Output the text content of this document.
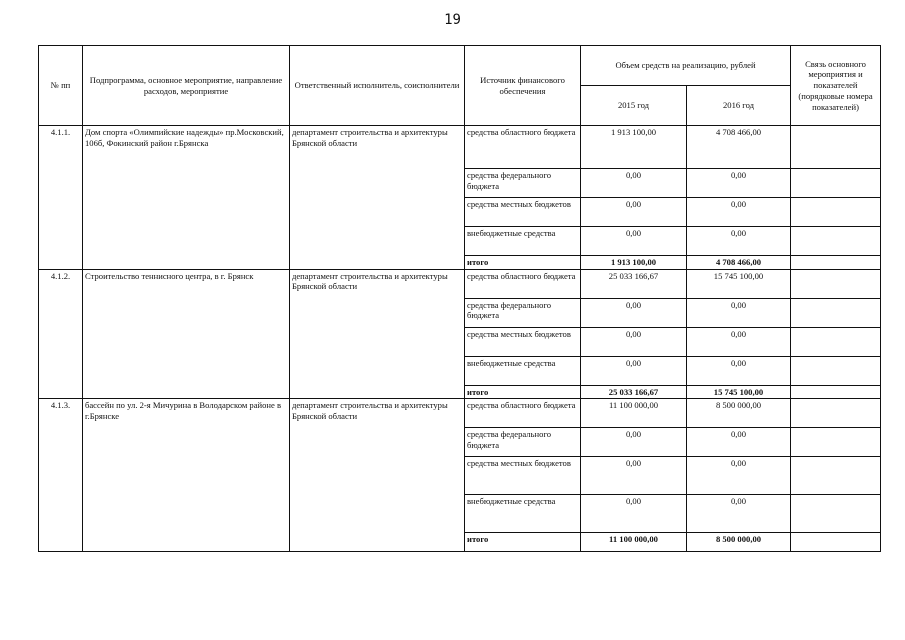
19
№ пп	Подпрограмма, основное мероприятие, направление расходов, мероприятие	Ответственный исполнитель, соисполнители	Источник финансового обеспечения	Объем средств на реализацию, рублей		Связь основного мероприятия и показателей (порядковые номера показателей)
				2015 год	2016 год	
4.1.1.	Дом спорта «Олимпийские надежды» пр.Московский, 106б, Фокинский район г.Брянска	департамент строительства и архитектуры Брянской области	средства областного бюджета	1 913 100,00	4 708 466,00	
			средства федерального бюджета	0,00	0,00	
			средства местных бюджетов	0,00	0,00	
			внебюджетные средства	0,00	0,00	
			итого	1 913 100,00	4 708 466,00	
4.1.2.	Строительство теннисного центра, в г. Брянск	департамент строительства и архитектуры Брянской области	средства областного бюджета	25 033 166,67	15 745 100,00	
			средства федерального бюджета	0,00	0,00	
			средства местных бюджетов	0,00	0,00	
			внебюджетные средства	0,00	0,00	
			итого	25 033 166,67	15 745 100,00	
4.1.3.	бассейн по ул. 2-я Мичурина в Володарском районе в г.Брянске	департамент строительства и архитектуры Брянской области	средства областного бюджета	11 100 000,00	8 500 000,00	
			средства федерального бюджета	0,00	0,00	
			средства местных бюджетов	0,00	0,00	
			внебюджетные средства	0,00	0,00	
			итого	11 100 000,00	8 500 000,00	
